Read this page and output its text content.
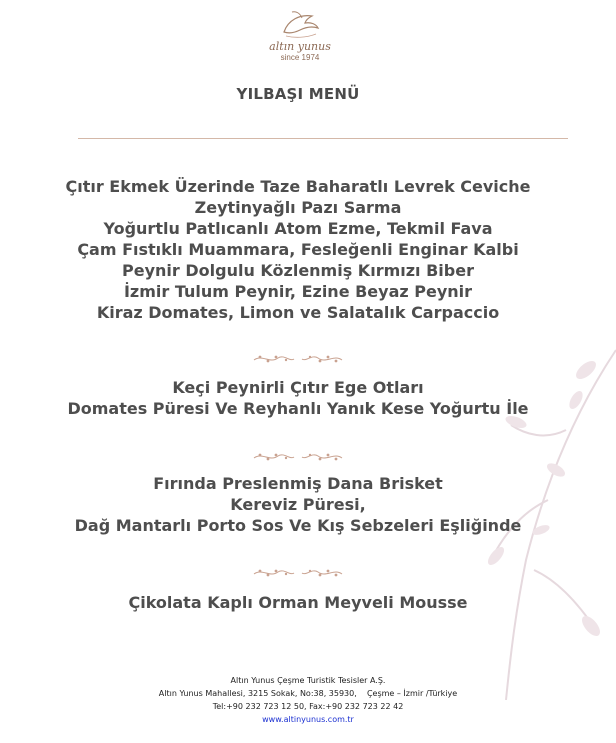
altın yunus
since 1974
YILBAŞI MENÜ
Çıtır Ekmek Üzerinde Taze Baharatlı Levrek Ceviche
Zeytinyağlı Pazı Sarma
Yoğurtlu Patlıcanlı Atom Ezme, Tekmil Fava
Çam Fıstıklı Muammara, Fesleğenli Enginar Kalbi
Peynir Dolgulu Közlenmiş Kırmızı Biber
İzmir Tulum Peynir, Ezine Beyaz Peynir
Kiraz Domates, Limon ve Salatalık Carpaccio
Keçi Peynirli Çıtır Ege Otları
Domates Püresi Ve Reyhanlı Yanık Kese Yoğurtu İle
Fırında Preslenmiş Dana Brisket
Kereviz Püresi,
Dağ Mantarlı Porto Sos Ve Kış Sebzeleri Eşliğinde
Çikolata Kaplı Orman Meyveli Mousse
Altın Yunus Çeşme Turistik Tesisler A.Ş.
Altın Yunus Mahallesi, 3215 Sokak, No:38, 35930,    Çeşme – İzmir /Türkiye
Tel:+90 232 723 12 50, Fax:+90 232 723 22 42
www.altinyunus.com.tr
